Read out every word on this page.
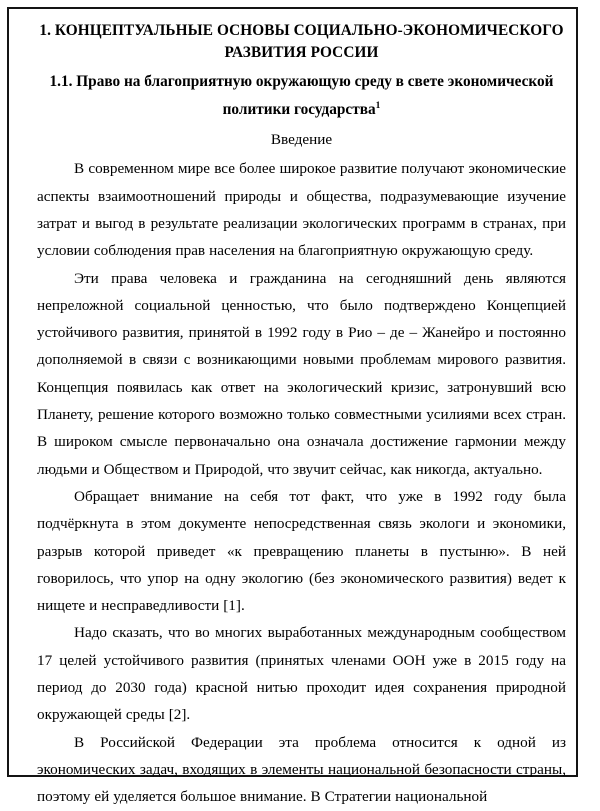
1. КОНЦЕПТУАЛЬНЫЕ ОСНОВЫ СОЦИАЛЬНО-ЭКОНОМИЧЕСКОГО
РАЗВИТИЯ РОССИИ
1.1. Право на благоприятную окружающую среду в свете экономической
политики государства$^1$

Введение

В современном мире все более широкое развитие получают экономические аспекты взаимоотношений природы и общества, подразумевающие изучение затрат и выгод в результате реализации экологических программ в странах, при условии соблюдения прав населения на благоприятную окружающую среду.

Эти права человека и гражданина на сегодняшний день являются непреложной социальной ценностью, что было подтверждено Концепцией устойчивого развития, принятой в 1992 году в Рио – де – Жанейро и постоянно дополняемой в связи с возникающими новыми проблемам мирового развития. Концепция появилась как ответ на экологический кризис, затронувший всю Планету, решение которого возможно только совместными усилиями всех стран. В широком смысле первоначально она означала достижение гармонии между людьми и Обществом и Природой, что звучит сейчас, как никогда, актуально.

Обращает внимание на себя тот факт, что уже в 1992 году была подчёркнута в этом документе непосредственная связь экологи и экономики, разрыв которой приведет «к превращению планеты в пустыню». В ней говорилось, что упор на одну экологию (без экономического развития) ведет к нищете и несправедливости [1].

Надо сказать, что во многих выработанных международным сообществом 17 целей устойчивого развития (принятых членами ООН уже в 2015 году на период до 2030 года) красной нитью проходит идея сохранения природной окружающей среды [2].

В Российской Федерации эта проблема относится к одной из экономических задач, входящих в элементы национальной безопасности страны, поэтому ей уделяется большое внимание. В Стратегии национальной
